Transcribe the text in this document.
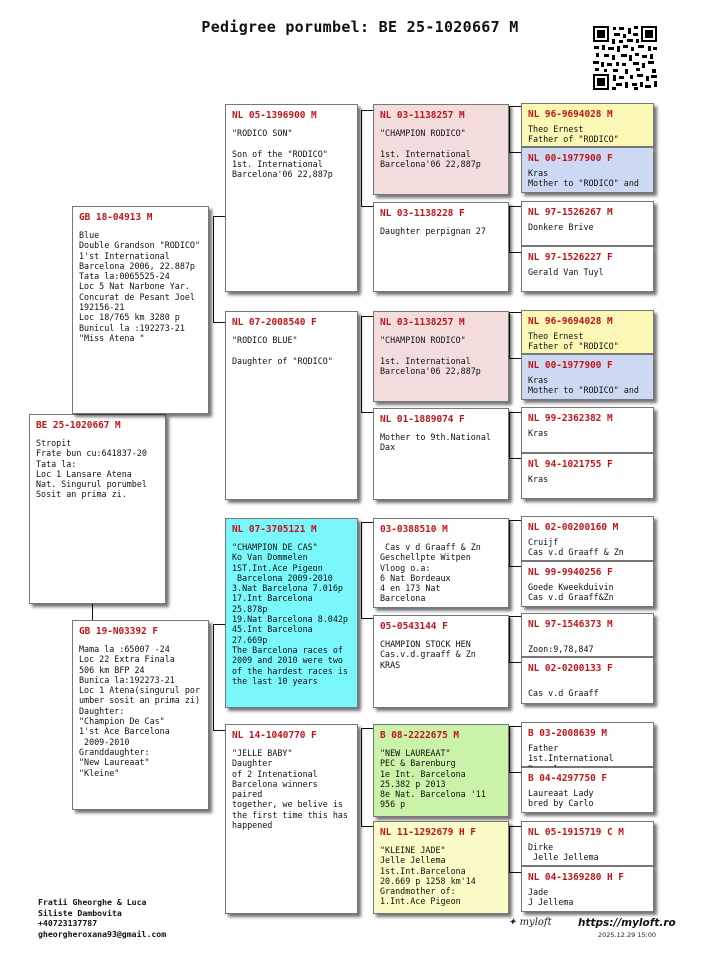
Pedigree porumbel: BE 25-1020667 M
BE 25-1020667 M
Stropit
Frate bun cu:641837-20
Tata la:
Loc 1 Lansare Atena
Nat. Singurul porumbel
Sosit an prima zi.
GB 18-04913 M
Blue
Double Grandson "RODICO"
1'st International
Barcelona 2006, 22.887p
Tata la:0065525-24
Loc 5 Nat Narbone Yar.
Concurat de Pesant Joel
192156-21
Loc 18/765 km 3280 p
Bunicul la :192273-21
"Miss Atena "
GB 19-N03392 F
Mama la :65007 -24
Loc 22 Extra Finala
506 km BFP 24
Bunica la:192273-21
Loc 1 Atena(singurul por
umber sosit an prima zi)
Daughter:
"Champion De Cas"
1'st Ace Barcelona
2009-2010
Granddaughter:
"New Laureaat"
"Kleine"
NL 05-1396900 M
"RODICO SON"

Son of the "RODICO"
1st. International
Barcelona'06 22,887p
NL 07-2008540 F
"RODICO BLUE"

Daughter of "RODICO"
NL 07-3705121 M
"CHAMPION DE CAS"
Ko Van Dommelen
1ST.Int.Ace Pigeon
Barcelona 2009-2010
3.Nat Barcelona 7.016p
17.Int Barcelona 25.878p
19.Nat Barcelona 8.042p
45.Int Barcelona 27.669p
The Barcelona races of
2009 and 2010 were two
of the hardest races is
the last 10 years
NL 14-1040770 F
"JELLE BABY"
Daughter
of 2 Intenational
Barcelona winners paired
together, we belive is
the first time this has
happened
NL 03-1138257 M
"CHAMPION RODICO"

1st. International
Barcelona'06 22,887p
NL 03-1138228 F
Daughter perpignan 27
NL 03-1138257 M
"CHAMPION RODICO"

1st. International
Barcelona'06 22,887p
NL 01-1889074 F
Mother to 9th.National
Dax
03-0388510 M
Cas v d Graaff & Zn
Geschellpte Witpen
Vloog o.a:
6 Nat Bordeaux
4 en 173 Nat
Barcelona
05-0543144 F
CHAMPION STOCK HEN
Cas.v.d.graaff & Zn
KRAS
B 08-2222675 M
"NEW LAUREAAT"
PEC & Barenburg
1e Int. Barcelona
25.382 p 2013
8e Nat. Barcelona '11
956 p
NL 11-1292679 H F
"KLEINE JADE"
Jelle Jellema
1st.Int.Barcelona
20.669 p 1258 km'14
Grandmother of:
1.Int.Ace Pigeon
NL 96-9694028 M
Theo Ernest
Father of "RODICO"
NL 00-1977900 F
Kras
Mother to "RODICO" and
NL 97-1526267 M
Donkere Brive
NL 97-1526227 F
Gerald Van Tuyl
NL 96-9694028 M
Theo Ernest
Father of "RODICO"
NL 00-1977900 F
Kras
Mother to "RODICO" and
NL 99-2362382 M
Kras
Nl 94-1021755 F
Kras
NL 02-00200160 M
Cruijf
Cas v.d Graaff & Zn
NL 99-9940256 F
Goede Kweekduivin
Cas v.d Graaff&Zn
NL 97-1546373 M

Zoon:9,78,847
NL 02-0200133 F

Cas v.d Graaff
B 03-2008639 M
Father 1st.International

B 04-4297750 F
Laureaat Lady
bred by Carlo
NL 05-1915719 C M
Dirke
Jelle Jellema
NL 04-1369280 H F
Jade
J Jellema
Fratii Gheorghe & Luca
Siliste Dambovita
+40723137787
gheorgheroxana93@gmail.com
✦ myloft	https://myloft.ro
2025.12.29 15:00
